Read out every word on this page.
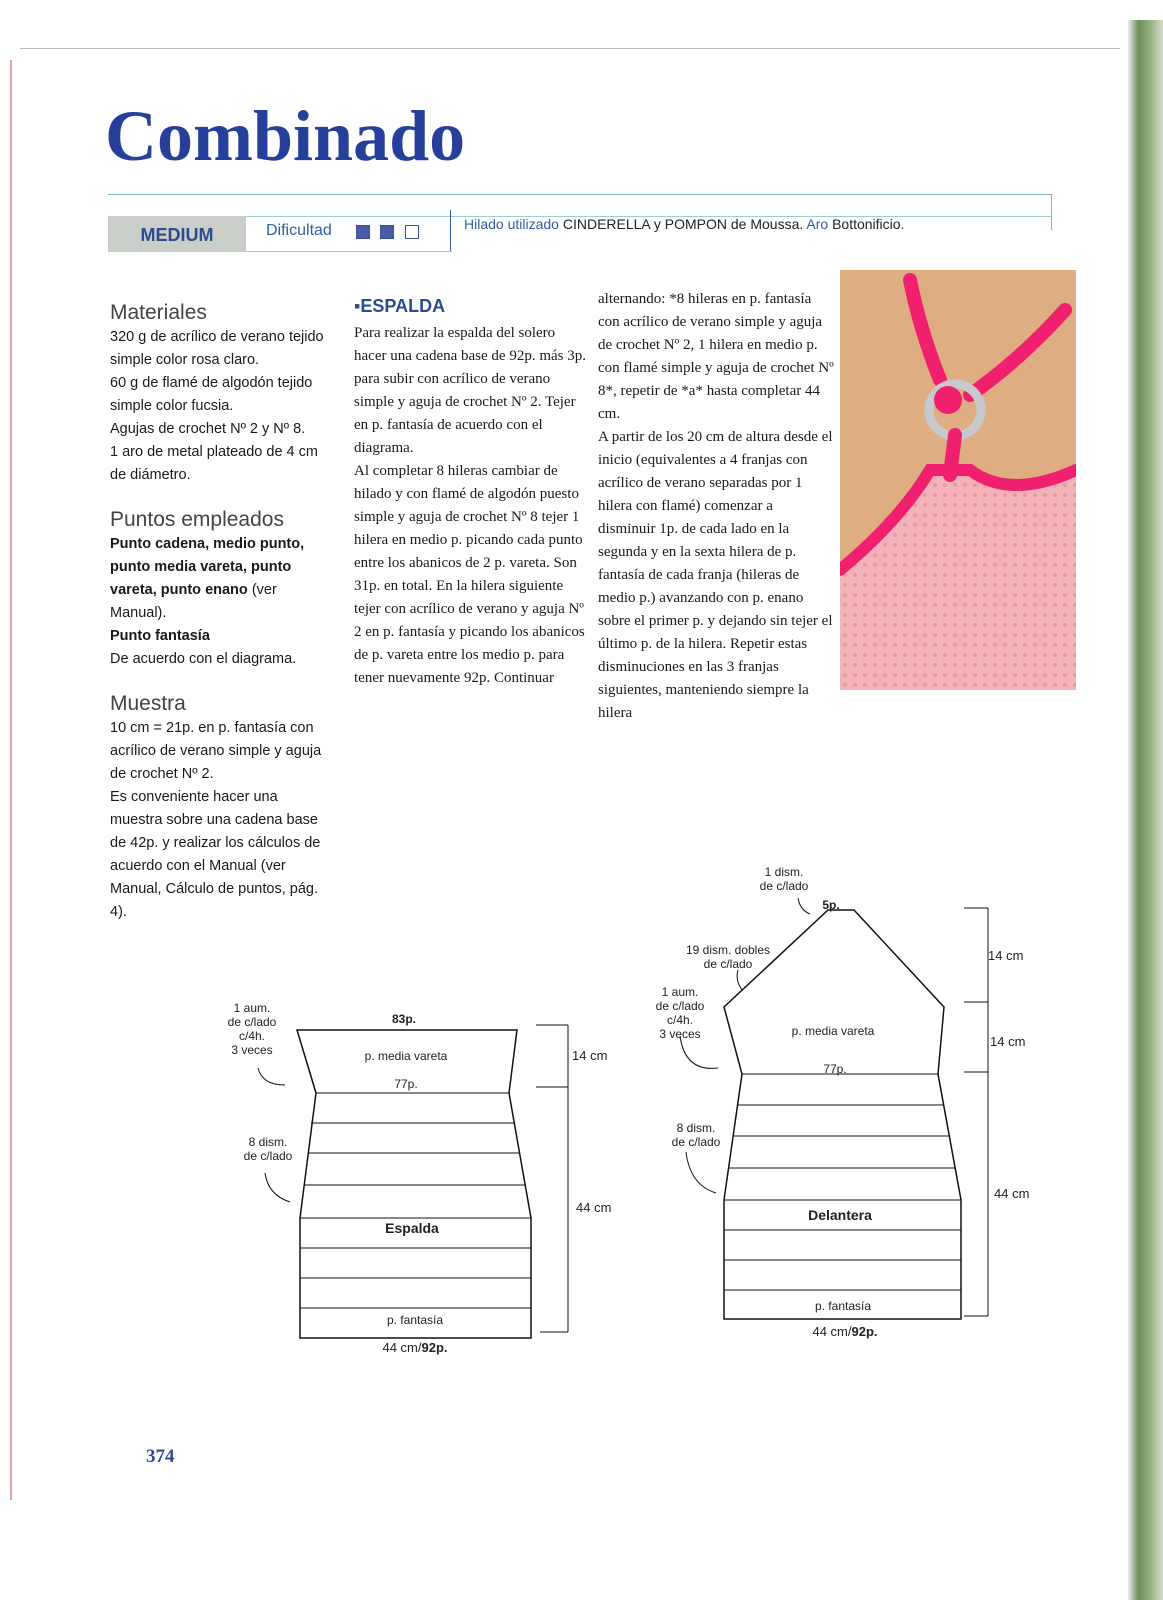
Combinado
MEDIUM	Dificultad	Hilado utilizado CINDERELLA y POMPON de Moussa. Aro Bottonificio.
Materiales

320 g de acrílico de verano tejido simple color rosa claro.

60 g de flamé de algodón tejido simple color fucsia.

Agujas de crochet Nº 2 y Nº 8.

1 aro de metal plateado de 4 cm de diámetro.

Puntos empleados

Punto cadena, medio punto, punto media vareta, punto vareta, punto enano (ver Manual).

Punto fantasía

De acuerdo con el diagrama.

Muestra

10 cm = 21p. en p. fantasía con acrílico de verano simple y aguja de crochet Nº 2.

Es conveniente hacer una muestra sobre una cadena base de 42p. y realizar los cálculos de acuerdo con el Manual (ver Manual, Cálculo de puntos, pág. 4).

▪ESPALDA

Para realizar la espalda del solero hacer una cadena base de 92p. más 3p. para subir con acrílico de verano simple y aguja de crochet Nº 2. Tejer en p. fantasía de acuerdo con el diagrama.

Al completar 8 hileras cambiar de hilado y con flamé de algodón puesto simple y aguja de crochet Nº 8 tejer 1 hilera en medio p. picando cada punto entre los abanicos de 2 p. vareta. Son 31p. en total. En la hilera siguiente tejer con acrílico de verano y aguja Nº 2 en p. fantasía y picando los abanicos de p. vareta entre los medio p. para tener nuevamente 92p. Continuar

alternando: *8 hileras en p. fantasía con acrílico de verano simple y aguja de crochet Nº 2, 1 hilera en medio p. con flamé simple y aguja de crochet Nº 8*, repetir de *a* hasta completar 44 cm.

A partir de los 20 cm de altura desde el inicio (equivalentes a 4 franjas con acrílico de verano separadas por 1 hilera con flamé) comenzar a disminuir 1p. de cada lado en la segunda y en la sexta hilera de p. fantasía de cada franja (hileras de medio p.) avanzando con p. enano sobre el primer p. y dejando sin tejer el último p. de la hilera. Repetir estas disminuciones en las 3 franjas siguientes, manteniendo siempre la hilera

83p.
p. media vareta
77p.
Espalda
p. fantasía
44 cm/92p.
1 aum.
de c/lado
c/4h.
3 veces
8 dism.
de c/lado
14 cm
44 cm
5p.
1 dism.
de c/lado
19 dism. dobles
de c/lado
p. media vareta
77p.
Delantera
p. fantasía
44 cm/92p.
1 aum.
de c/lado
c/4h.
3 veces
8 dism.
de c/lado
14 cm
14 cm
44 cm
374
